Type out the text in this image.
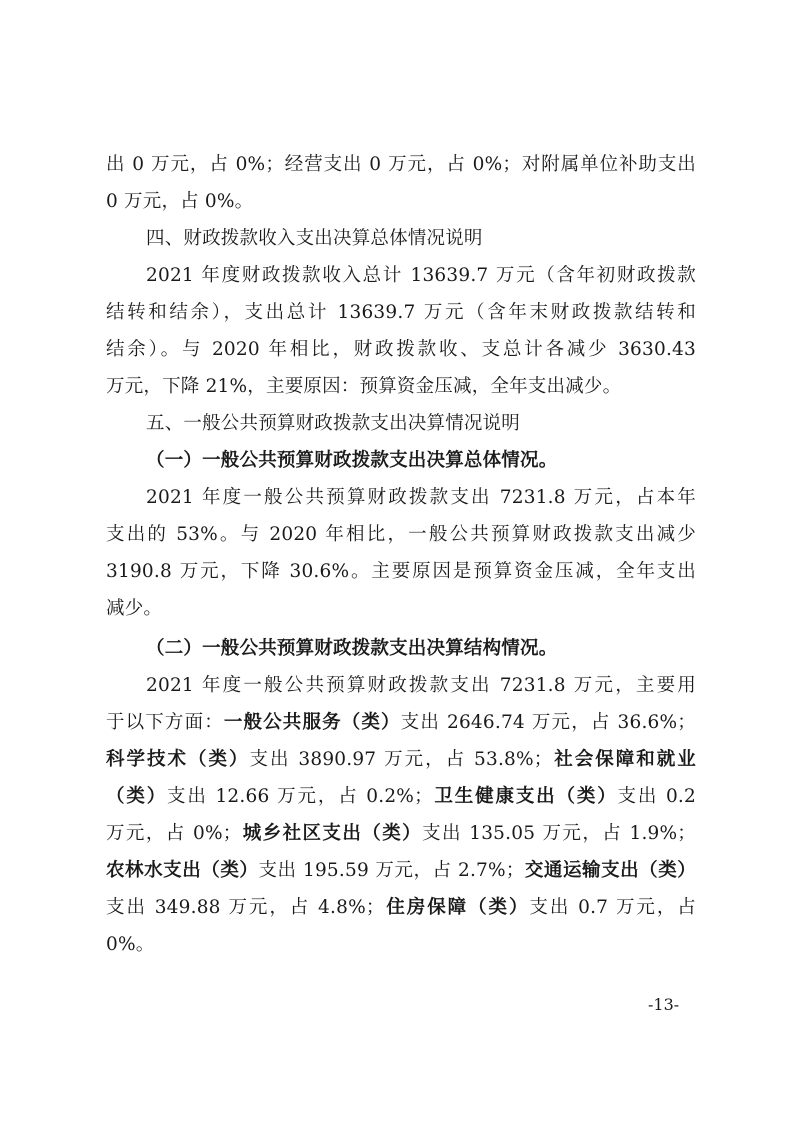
出 0 万元，占 0%；经营支出 0 万元，占 0%；对附属单位补助支出
0 万元，占 0%。
四、财政拨款收入支出决算总体情况说明
2021 年度财政拨款收入总计 13639.7 万元（含年初财政拨款
结转和结余），支出总计 13639.7 万元（含年末财政拨款结转和
结余）。与 2020 年相比，财政拨款收、支总计各减少 3630.43
万元，下降 21%，主要原因：预算资金压减，全年支出减少。
五、一般公共预算财政拨款支出决算情况说明
（一）一般公共预算财政拨款支出决算总体情况。
2021 年度一般公共预算财政拨款支出 7231.8 万元，占本年
支出的 53%。与 2020 年相比，一般公共预算财政拨款支出减少
3190.8 万元，下降 30.6%。主要原因是预算资金压减，全年支出
减少。
（二）一般公共预算财政拨款支出决算结构情况。
2021 年度一般公共预算财政拨款支出 7231.8 万元，主要用
于以下方面：一般公共服务（类）支出 2646.74 万元，占 36.6%；
科学技术（类）支出 3890.97 万元，占 53.8%；社会保障和就业
（类）支出 12.66 万元，占 0.2%；卫生健康支出（类）支出 0.2
万元，占 0%；城乡社区支出（类）支出 135.05 万元，占 1.9%；
农林水支出（类）支出 195.59 万元，占 2.7%；交通运输支出（类）
支出 349.88 万元，占 4.8%；住房保障（类）支出 0.7 万元，占
0%。
-13-
